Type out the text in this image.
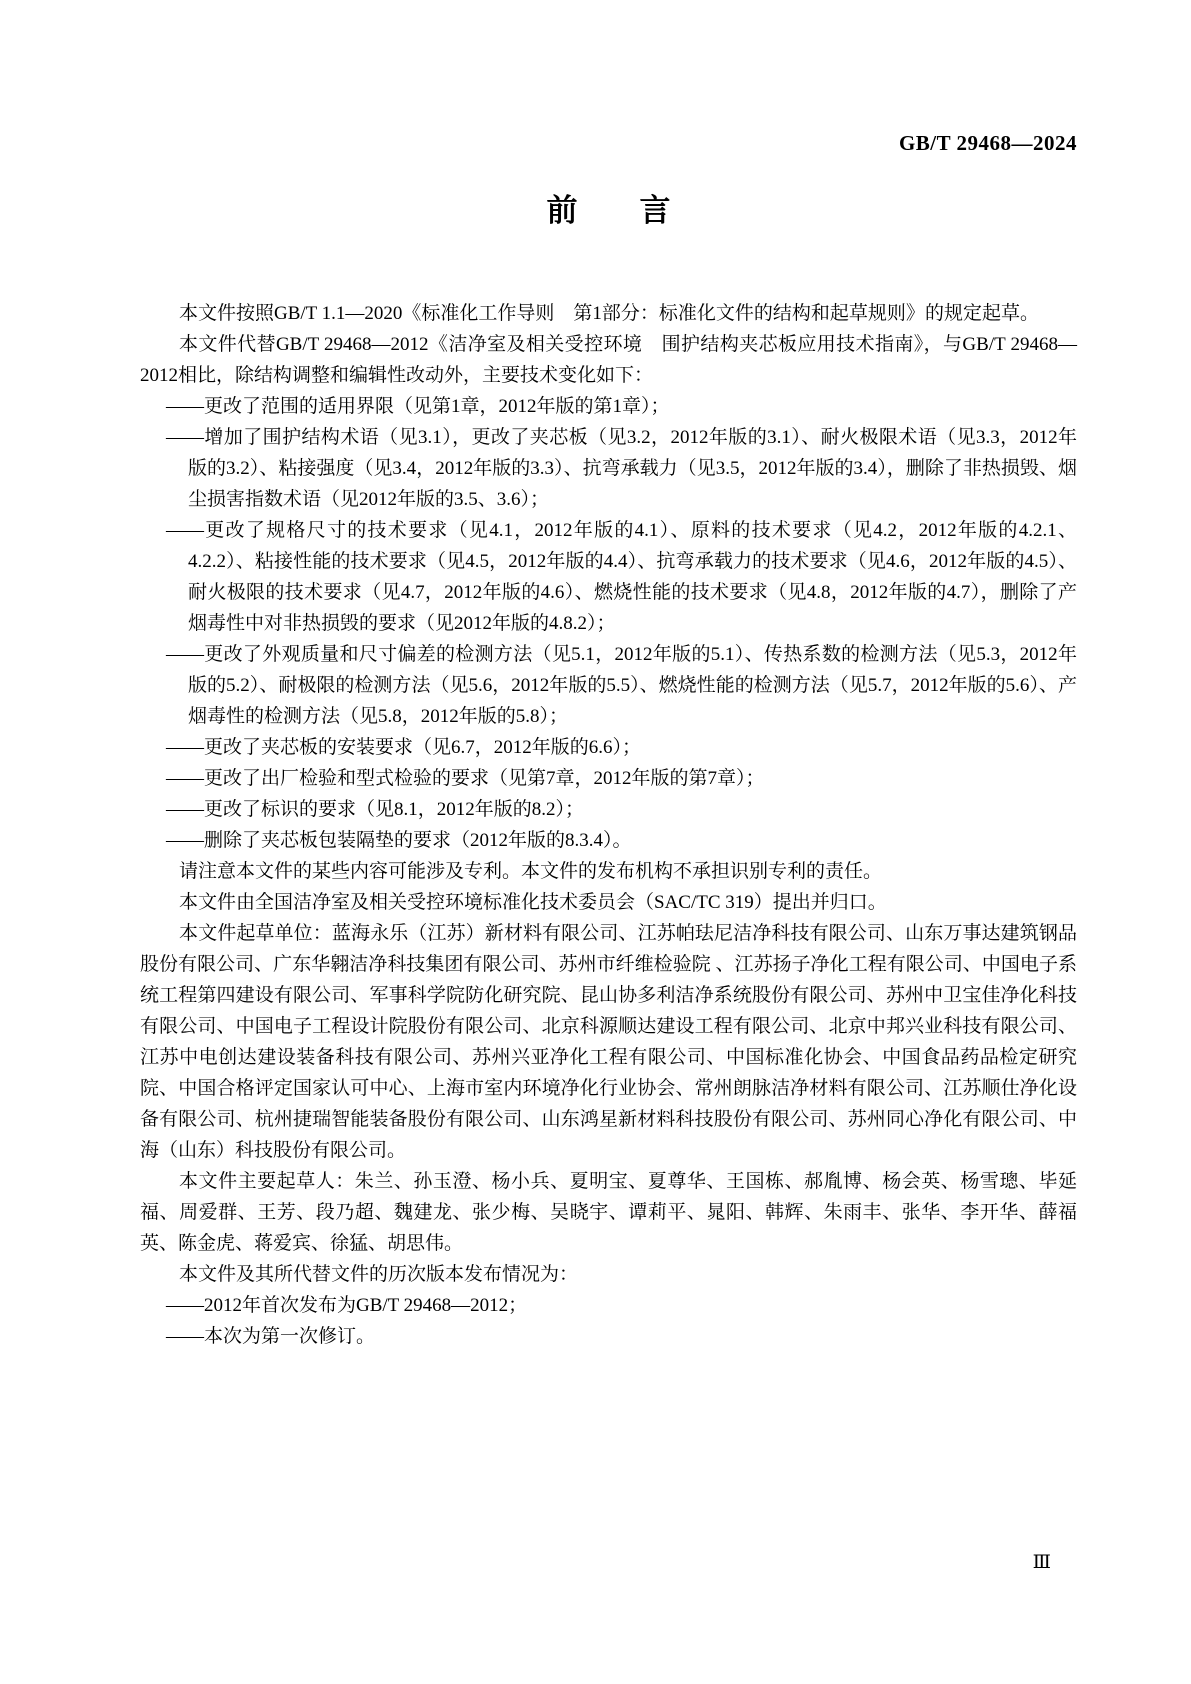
GB/T 29468—2024
前　　言
本文件按照GB/T 1.1—2020《标准化工作导则　第1部分：标准化文件的结构和起草规则》的规定起草。
本文件代替GB/T 29468—2012《洁净室及相关受控环境　围护结构夹芯板应用技术指南》，与GB/T 29468—2012相比，除结构调整和编辑性改动外，主要技术变化如下：
——更改了范围的适用界限（见第1章，2012年版的第1章）；
——增加了围护结构术语（见3.1），更改了夹芯板（见3.2，2012年版的3.1）、耐火极限术语（见3.3，2012年版的3.2）、粘接强度（见3.4，2012年版的3.3）、抗弯承载力（见3.5，2012年版的3.4），删除了非热损毁、烟尘损害指数术语（见2012年版的3.5、3.6）；
——更改了规格尺寸的技术要求（见4.1，2012年版的4.1）、原料的技术要求（见4.2，2012年版的4.2.1、4.2.2）、粘接性能的技术要求（见4.5，2012年版的4.4）、抗弯承载力的技术要求（见4.6，2012年版的4.5）、耐火极限的技术要求（见4.7，2012年版的4.6）、燃烧性能的技术要求（见4.8，2012年版的4.7），删除了产烟毒性中对非热损毁的要求（见2012年版的4.8.2）；
——更改了外观质量和尺寸偏差的检测方法（见5.1，2012年版的5.1）、传热系数的检测方法（见5.3，2012年版的5.2）、耐极限的检测方法（见5.6，2012年版的5.5）、燃烧性能的检测方法（见5.7，2012年版的5.6）、产烟毒性的检测方法（见5.8，2012年版的5.8）；
——更改了夹芯板的安装要求（见6.7，2012年版的6.6）；
——更改了出厂检验和型式检验的要求（见第7章，2012年版的第7章）；
——更改了标识的要求（见8.1，2012年版的8.2）；
——删除了夹芯板包装隔垫的要求（2012年版的8.3.4）。
请注意本文件的某些内容可能涉及专利。本文件的发布机构不承担识别专利的责任。
本文件由全国洁净室及相关受控环境标准化技术委员会（SAC/TC 319）提出并归口。
本文件起草单位：蓝海永乐（江苏）新材料有限公司、江苏帕珐尼洁净科技有限公司、山东万事达建筑钢品股份有限公司、广东华翱洁净科技集团有限公司、苏州市纤维检验院 、江苏扬子净化工程有限公司、中国电子系统工程第四建设有限公司、军事科学院防化研究院、昆山协多利洁净系统股份有限公司、苏州中卫宝佳净化科技有限公司、中国电子工程设计院股份有限公司、北京科源顺达建设工程有限公司、北京中邦兴业科技有限公司、江苏中电创达建设装备科技有限公司、苏州兴亚净化工程有限公司、中国标准化协会、中国食品药品检定研究院、中国合格评定国家认可中心、上海市室内环境净化行业协会、常州朗脉洁净材料有限公司、江苏顺仕净化设备有限公司、杭州捷瑞智能装备股份有限公司、山东鸿星新材料科技股份有限公司、苏州同心净化有限公司、中海（山东）科技股份有限公司。
本文件主要起草人：朱兰、孙玉澄、杨小兵、夏明宝、夏尊华、王国栋、郝胤博、杨会英、杨雪璁、毕延福、周爱群、王芳、段乃超、魏建龙、张少梅、吴晓宇、谭莉平、晁阳、韩辉、朱雨丰、张华、李开华、薛福英、陈金虎、蒋爱宾、徐猛、胡思伟。
本文件及其所代替文件的历次版本发布情况为：
——2012年首次发布为GB/T 29468—2012；
——本次为第一次修订。
Ⅲ
